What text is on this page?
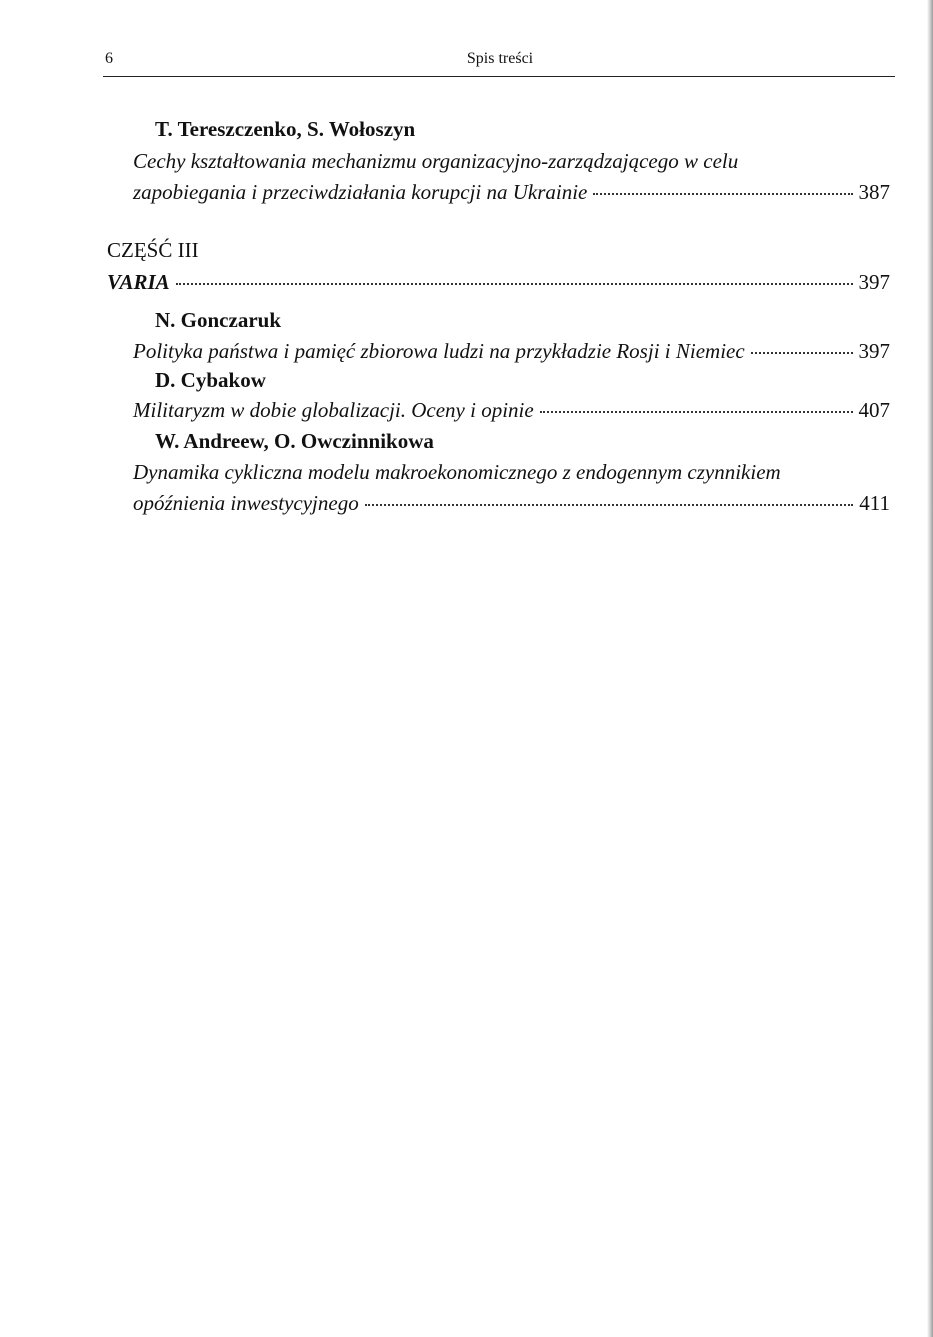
6	Spis treści
T. Tereszczenko, S. Wołoszyn
Cechy kształtowania mechanizmu organizacyjno-zarządzającego w celu
zapobiegania i przeciwdziałania korupcji na Ukrainie	387
CZĘŚĆ III
VARIA	397
N. Gonczaruk
Polityka państwa i pamięć zbiorowa ludzi na przykładzie Rosji i Niemiec	397
D. Cybakow
Militaryzm w dobie globalizacji. Oceny i opinie	407
W. Andreew, O. Owczinnikowa
Dynamika cykliczna modelu makroekonomicznego z endogennym czynnikiem
opóźnienia inwestycyjnego	411
